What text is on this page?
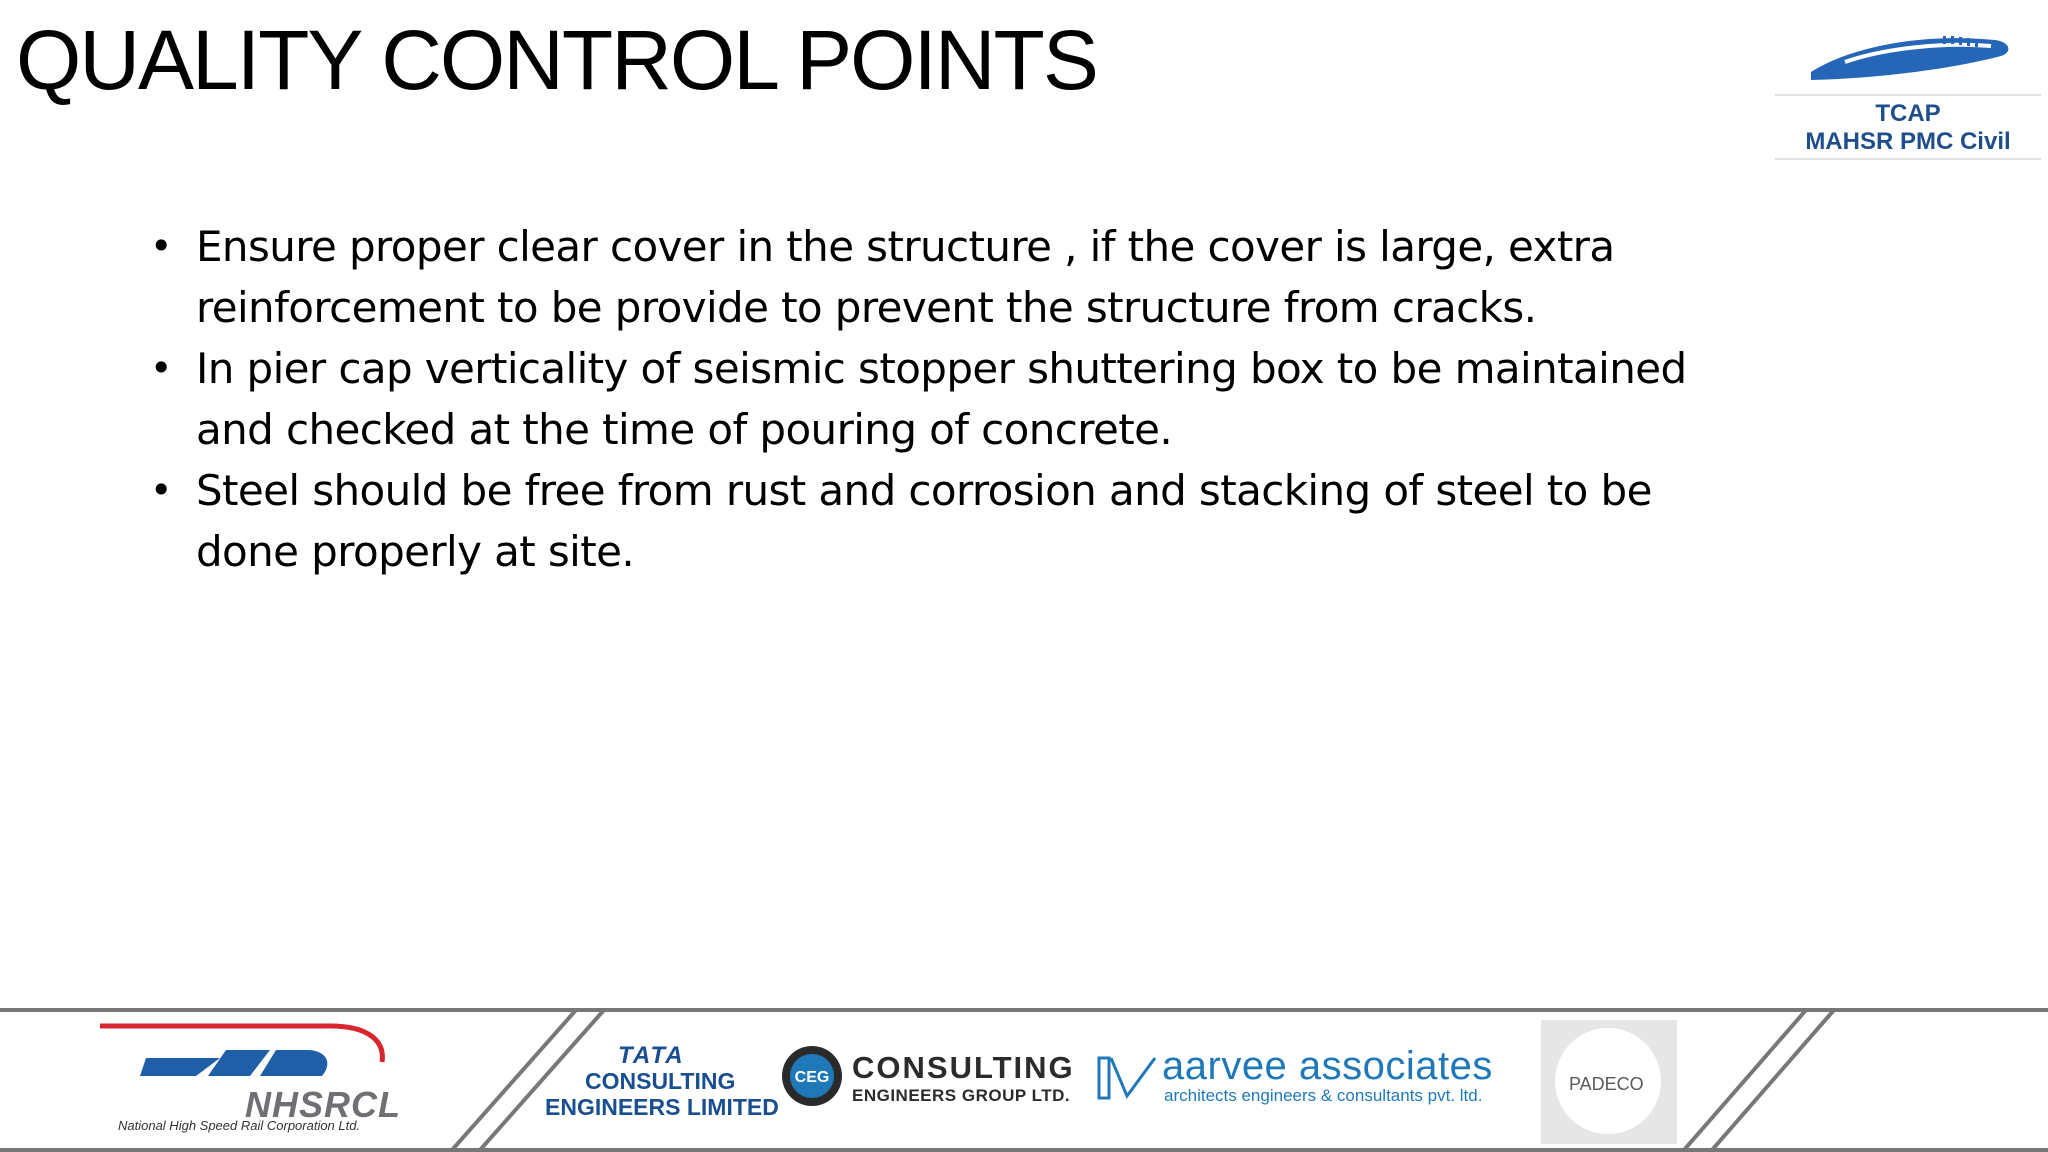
QUALITY CONTROL POINTS
TCAP
MAHSR PMC Civil
• Ensure proper clear cover in the structure , if the cover is large, extra
reinforcement to be provide to prevent the structure from cracks.
• In pier cap verticality of seismic stopper shuttering box to be maintained
and checked at the time of pouring of concrete.
• Steel should be free from rust and corrosion and stacking of steel to be
done properly at site.
NHSRCL
National High Speed Rail Corporation Ltd.
TATA
CONSULTING
ENGINEERS LIMITED
CEG CONSULTING
ENGINEERS GROUP LTD.
aarvee associates
architects engineers & consultants pvt. ltd.
PADECO
